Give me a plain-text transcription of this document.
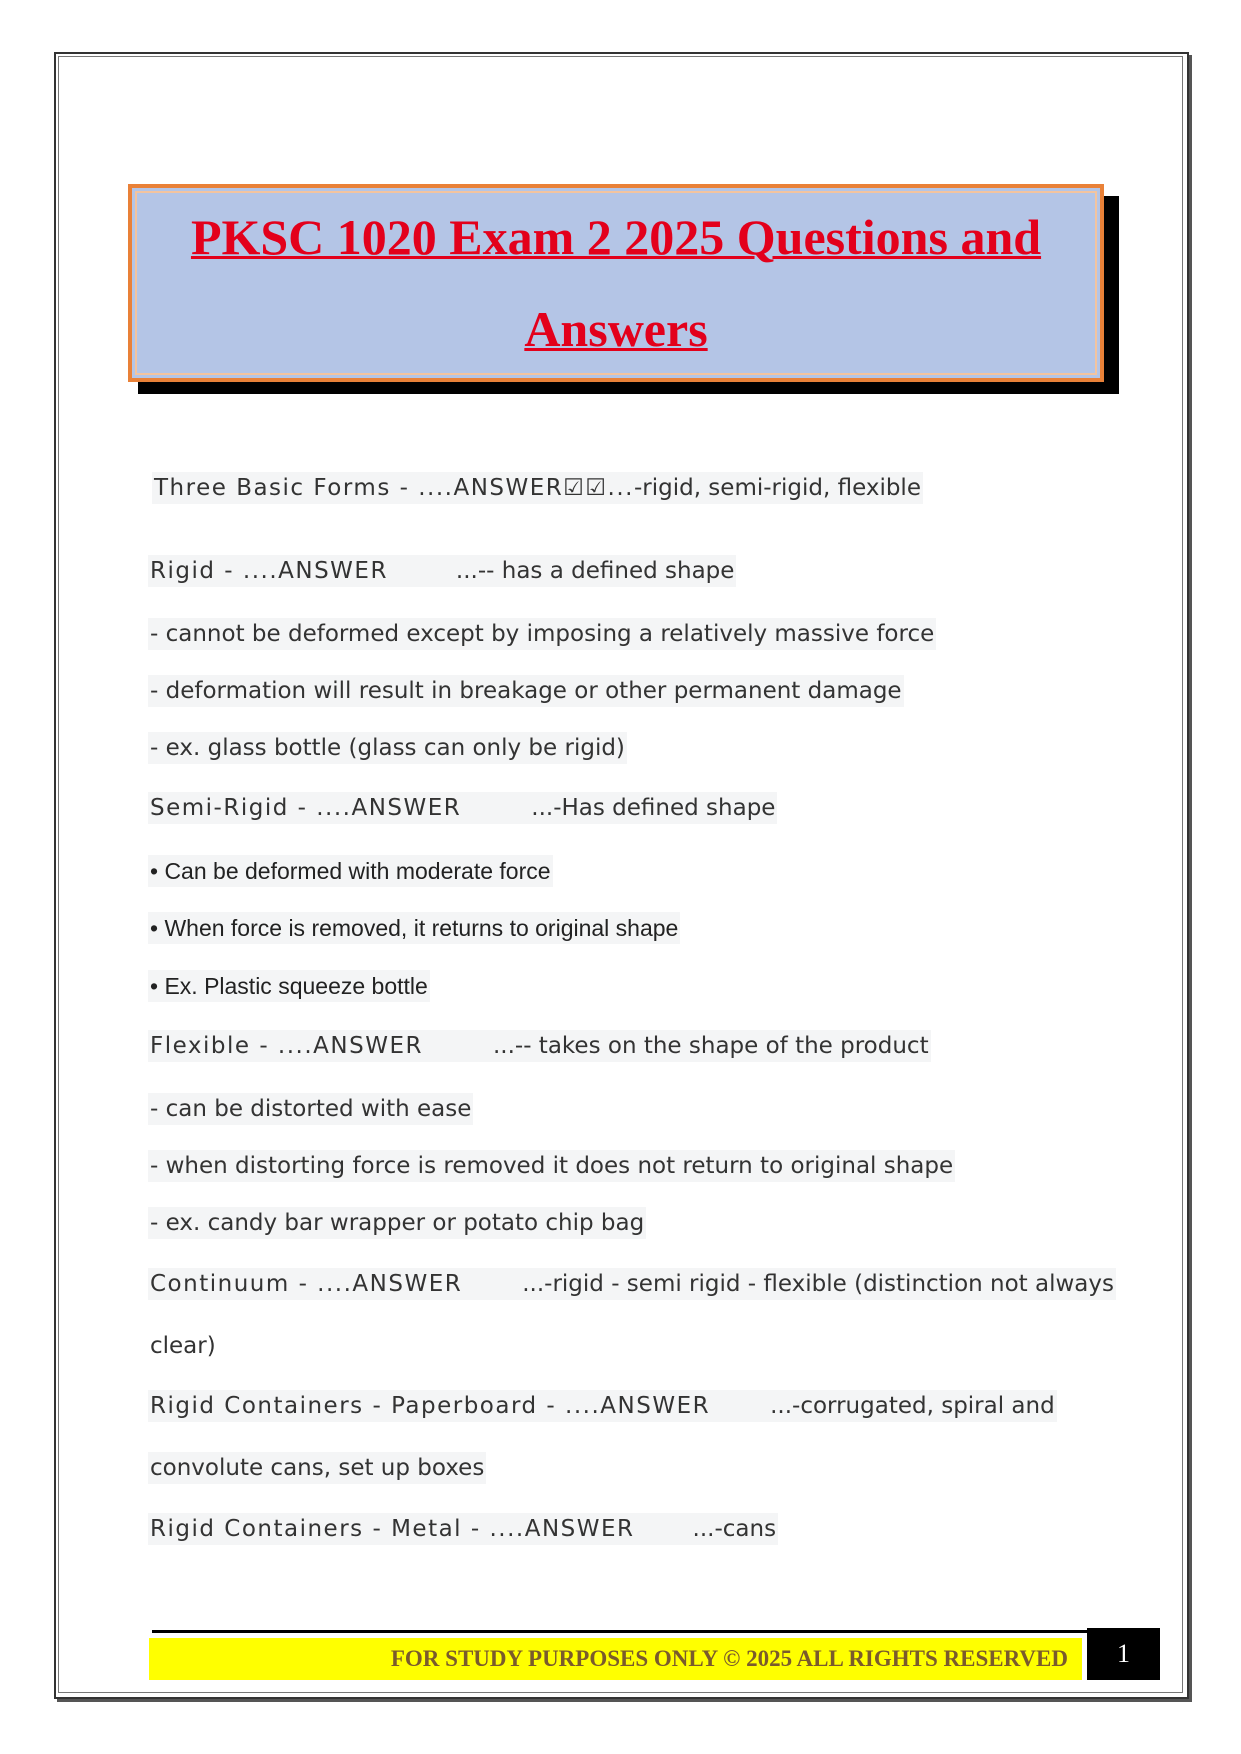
PKSC 1020 Exam 2 2025 Questions and Answers
Three Basic Forms - ....ANSWER☑☑...-rigid, semi-rigid, flexible
Rigid - ....ANSWER	...-- has a defined shape
- cannot be deformed except by imposing a relatively massive force
- deformation will result in breakage or other permanent damage
- ex. glass bottle (glass can only be rigid)
Semi-Rigid - ....ANSWER	...-Has defined shape
• Can be deformed with moderate force
• When force is removed, it returns to original shape
• Ex. Plastic squeeze bottle
Flexible - ....ANSWER	...-- takes on the shape of the product
- can be distorted with ease
- when distorting force is removed it does not return to original shape
- ex. candy bar wrapper or potato chip bag
Continuum - ....ANSWER	...-rigid - semi rigid - flexible (distinction not always
clear)
Rigid Containers - Paperboard - ....ANSWER	...-corrugated, spiral and
convolute cans, set up boxes
Rigid Containers - Metal - ....ANSWER	...-cans
FOR STUDY PURPOSES ONLY © 2025 ALL RIGHTS RESERVED	1
